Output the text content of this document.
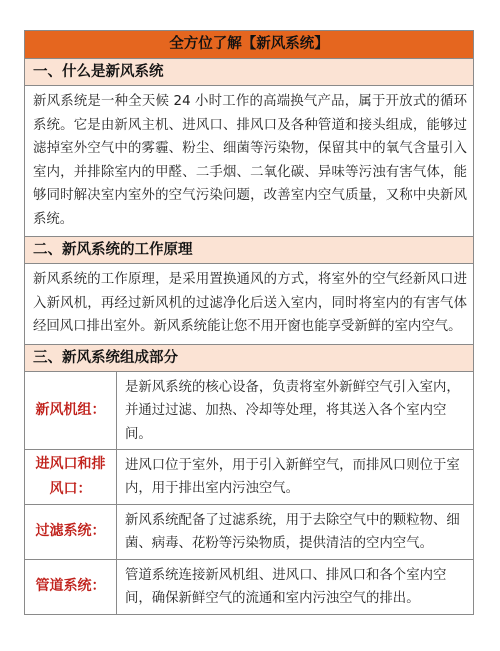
全方位了解【新风系统】
一、什么是新风系统
新风系统是一种全天候 24 小时工作的高端换气产品，属于开放式的循环系统。它是由新风主机、进风口、排风口及各种管道和接头组成，能够过滤掉室外空气中的雾霾、粉尘、细菌等污染物，保留其中的氧气含量引入室内，并排除室内的甲醛、二手烟、二氧化碳、异味等污浊有害气体，能够同时解决室内室外的空气污染问题，改善室内空气质量，又称中央新风系统。
二、新风系统的工作原理
新风系统的工作原理，是采用置换通风的方式，将室外的空气经新风口进入新风机，再经过新风机的过滤净化后送入室内，同时将室内的有害气体经回风口排出室外。新风系统能让您不用开窗也能享受新鲜的室内空气。
三、新风系统组成部分
新风机组：
是新风系统的核心设备，负责将室外新鲜空气引入室内，并通过过滤、加热、冷却等处理，将其送入各个室内空间。
进风口和排风口：
进风口位于室外，用于引入新鲜空气，而排风口则位于室内，用于排出室内污浊空气。
过滤系统：
新风系统配备了过滤系统，用于去除空气中的颗粒物、细菌、病毒、花粉等污染物质，提供清洁的空内空气。
管道系统：
管道系统连接新风机组、进风口、排风口和各个室内空间，确保新鲜空气的流通和室内污浊空气的排出。
